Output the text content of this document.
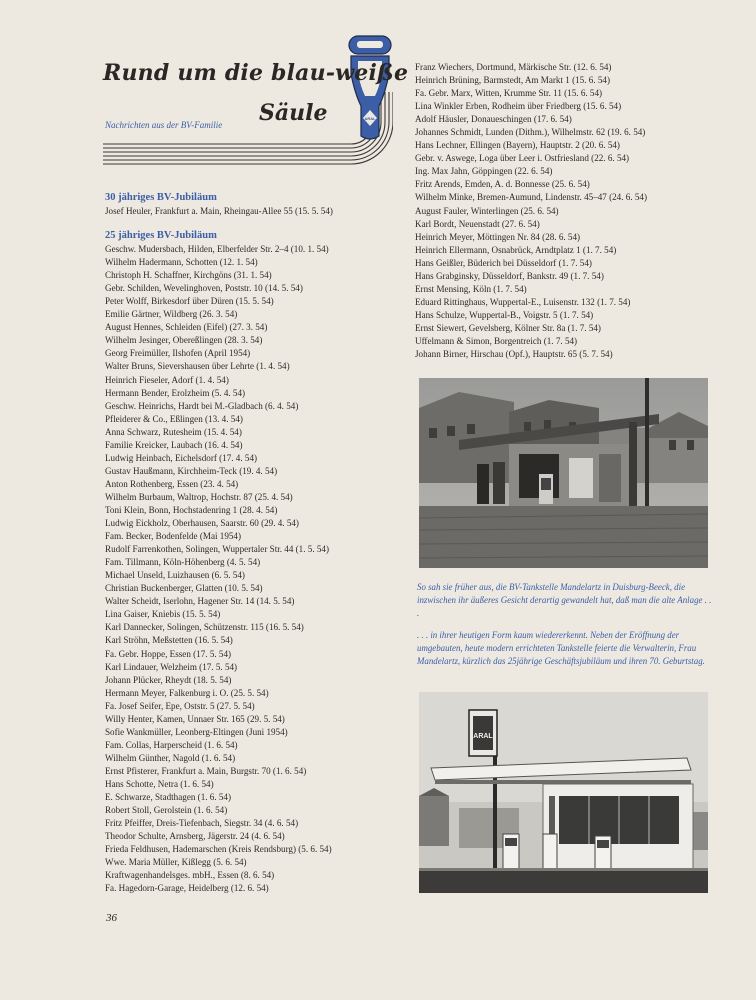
ARAL
Rund um die blau-weiße
Säule
Nachrichten aus der BV-Familie
30 jähriges BV-Jubiläum
Josef Heuler, Frankfurt a. Main, Rheingau-Allee 55 (15. 5. 54)
25 jähriges BV-Jubiläum
Geschw. Mudersbach, Hilden, Elberfelder Str. 2–4 (10. 1. 54)
Wilhelm Hadermann, Schotten (12. 1. 54)
Christoph H. Schaffner, Kirchgöns (31. 1. 54)
Gebr. Schilden, Wevelinghoven, Poststr. 10 (14. 5. 54)
Peter Wolff, Birkesdorf über Düren (15. 5. 54)
Emilie Gärtner, Wildberg (26. 3. 54)
August Hennes, Schleiden (Eifel) (27. 3. 54)
Wilhelm Jesinger, Obereßlingen (28. 3. 54)
Georg Freimüller, Ilshofen (April 1954)
Walter Bruns, Sievershausen über Lehrte (1. 4. 54)
Heinrich Fieseler, Adorf (1. 4. 54)
Hermann Bender, Erolzheim (5. 4. 54)
Geschw. Heinrichs, Hardt bei M.-Gladbach (6. 4. 54)
Pfleiderer & Co., Eßlingen (13. 4. 54)
Anna Schwarz, Rutesheim (15. 4. 54)
Familie Kreicker, Laubach (16. 4. 54)
Ludwig Heinbach, Eichelsdorf (17. 4. 54)
Gustav Haußmann, Kirchheim-Teck (19. 4. 54)
Anton Rothenberg, Essen (23. 4. 54)
Wilhelm Burbaum, Waltrop, Hochstr. 87 (25. 4. 54)
Toni Klein, Bonn, Hochstadenring 1 (28. 4. 54)
Ludwig Eickholz, Oberhausen, Saarstr. 60 (29. 4. 54)
Fam. Becker, Bodenfelde (Mai 1954)
Rudolf Farrenkothen, Solingen, Wuppertaler Str. 44 (1. 5. 54)
Fam. Tillmann, Köln-Höhenberg (4. 5. 54)
Michael Unseld, Luizhausen (6. 5. 54)
Christian Buckenberger, Glatten (10. 5. 54)
Walter Scheidt, Iserlohn, Hagener Str. 14 (14. 5. 54)
Lina Gaiser, Kniebis (15. 5. 54)
Karl Dannecker, Solingen, Schützenstr. 115 (16. 5. 54)
Karl Ströhn, Meßstetten (16. 5. 54)
Fa. Gebr. Hoppe, Essen (17. 5. 54)
Karl Lindauer, Welzheim (17. 5. 54)
Johann Plücker, Rheydt (18. 5. 54)
Hermann Meyer, Falkenburg i. O. (25. 5. 54)
Fa. Josef Seifer, Epe, Oststr. 5 (27. 5. 54)
Willy Henter, Kamen, Unnaer Str. 165 (29. 5. 54)
Sofie Wankmüller, Leonberg-Eltingen (Juni 1954)
Fam. Collas, Harperscheid (1. 6. 54)
Wilhelm Günther, Nagold (1. 6. 54)
Ernst Pfisterer, Frankfurt a. Main, Burgstr. 70 (1. 6. 54)
Hans Schotte, Netra (1. 6. 54)
E. Schwarze, Stadthagen (1. 6. 54)
Robert Stoll, Gerolstein (1. 6. 54)
Fritz Pfeiffer, Dreis-Tiefenbach, Siegstr. 34 (4. 6. 54)
Theodor Schulte, Arnsberg, Jägerstr. 24 (4. 6. 54)
Frieda Feldhusen, Hademarschen (Kreis Rendsburg) (5. 6. 54)
Wwe. Maria Müller, Kißlegg (5. 6. 54)
Kraftwagenhandelsges. mbH., Essen (8. 6. 54)
Fa. Hagedorn-Garage, Heidelberg (12. 6. 54)
Franz Wiechers, Dortmund, Märkische Str. (12. 6. 54)
Heinrich Brüning, Barmstedt, Am Markt 1 (15. 6. 54)
Fa. Gebr. Marx, Witten, Krumme Str. 11 (15. 6. 54)
Lina Winkler Erben, Rodheim über Friedberg (15. 6. 54)
Adolf Häusler, Donaueschingen (17. 6. 54)
Johannes Schmidt, Lunden (Dithm.), Wilhelmstr. 62 (19. 6. 54)
Hans Lechner, Ellingen (Bayern), Hauptstr. 2 (20. 6. 54)
Gebr. v. Aswege, Loga über Leer i. Ostfriesland (22. 6. 54)
Ing. Max Jahn, Göppingen (22. 6. 54)
Fritz Arends, Emden, A. d. Bonnesse (25. 6. 54)
Wilhelm Minke, Bremen-Aumund, Lindenstr. 45–47 (24. 6. 54)
August Fauler, Winterlingen (25. 6. 54)
Karl Bordt, Neuenstadt (27. 6. 54)
Heinrich Meyer, Möttingen Nr. 84 (28. 6. 54)
Heinrich Ellermann, Osnabrück, Arndtplatz 1 (1. 7. 54)
Hans Geißler, Büderich bei Düsseldorf (1. 7. 54)
Hans Grabginsky, Düsseldorf, Bankstr. 49 (1. 7. 54)
Ernst Mensing, Köln (1. 7. 54)
Eduard Rittinghaus, Wuppertal-E., Luisenstr. 132 (1. 7. 54)
Hans Schulze, Wuppertal-B., Voigstr. 5 (1. 7. 54)
Ernst Siewert, Gevelsberg, Kölner Str. 8a (1. 7. 54)
Uffelmann & Simon, Borgentreich (1. 7. 54)
Johann Birner, Hirschau (Opf.), Hauptstr. 65 (5. 7. 54)
So sah sie früher aus, die BV-Tankstelle Mandelartz in Duisburg-Beeck, die inzwischen ihr äußeres Gesicht derartig gewandelt hat, daß man die alte Anlage . . .
. . . in ihrer heutigen Form kaum wiedererkennt. Neben der Eröffnung der umgebauten, heute modern errichteten Tankstelle feierte die Verwalterin, Frau Mandelartz, kürzlich das 25jährige Geschäftsjubiläum und ihren 70. Geburtstag.
ARAL
36
